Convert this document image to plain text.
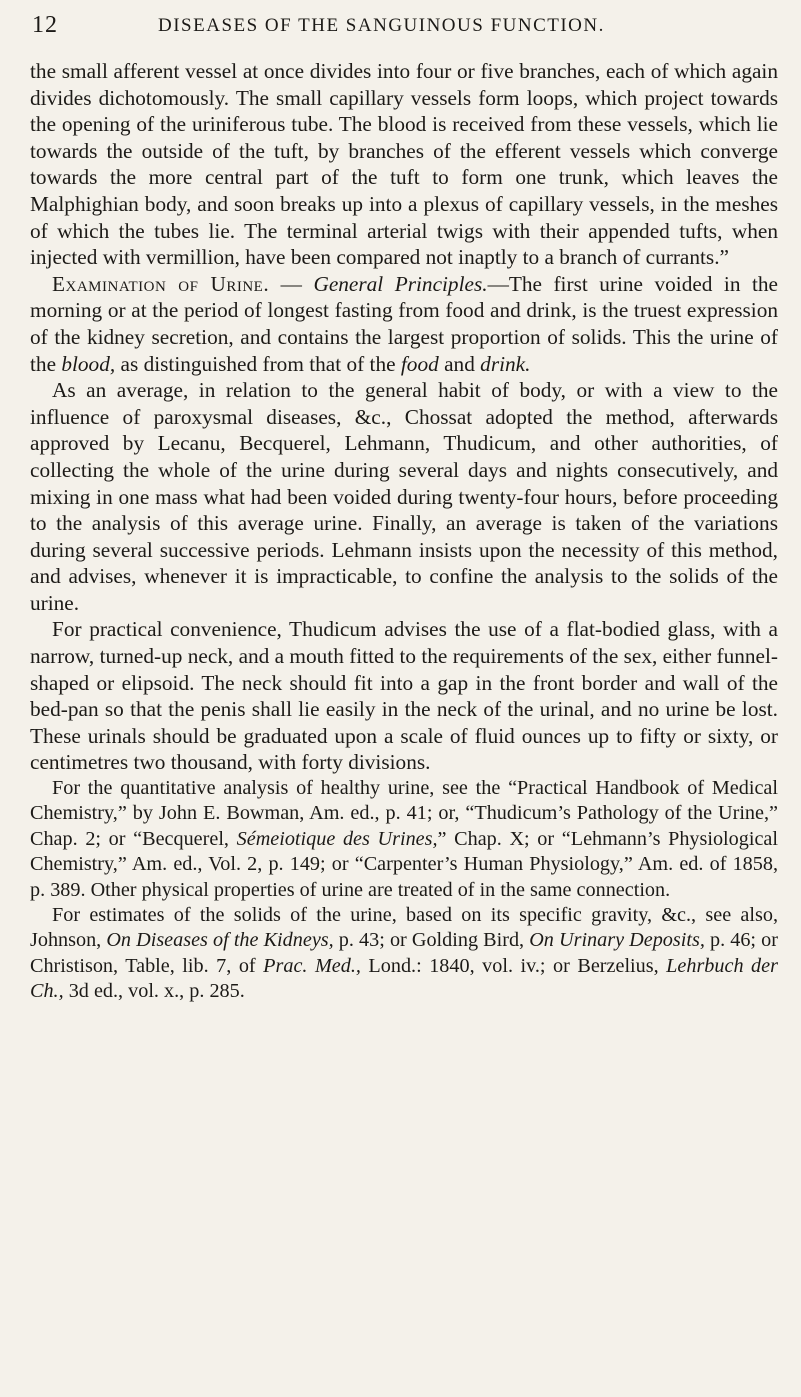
12	DISEASES OF THE SANGUINOUS FUNCTION.

the small afferent vessel at once divides into four or five branches, each of which again divides dichotomously. The small capillary vessels form loops, which project towards the opening of the uriniferous tube. The blood is received from these vessels, which lie towards the outside of the tuft, by branches of the efferent vessels which converge towards the more central part of the tuft to form one trunk, which leaves the Malphighian body, and soon breaks up into a plexus of capillary vessels, in the meshes of which the tubes lie. The terminal arterial twigs with their appended tufts, when injected with vermillion, have been compared not inaptly to a branch of currants.”

Examination of Urine. — General Principles.—The first urine voided in the morning or at the period of longest fasting from food and drink, is the truest expression of the kidney secretion, and contains the largest proportion of solids. This the urine of the blood, as distinguished from that of the food and drink.

As an average, in relation to the general habit of body, or with a view to the influence of paroxysmal diseases, &c., Chossat adopted the method, afterwards approved by Lecanu, Becquerel, Lehmann, Thudicum, and other authorities, of collecting the whole of the urine during several days and nights consecutively, and mixing in one mass what had been voided during twenty-four hours, before proceeding to the analysis of this average urine. Finally, an average is taken of the variations during several successive periods. Lehmann insists upon the necessity of this method, and advises, whenever it is impracticable, to confine the analysis to the solids of the urine.

For practical convenience, Thudicum advises the use of a flat-bodied glass, with a narrow, turned-up neck, and a mouth fitted to the requirements of the sex, either funnel-shaped or elipsoid. The neck should fit into a gap in the front border and wall of the bed-pan so that the penis shall lie easily in the neck of the urinal, and no urine be lost. These urinals should be graduated upon a scale of fluid ounces up to fifty or sixty, or centimetres two thousand, with forty divisions.

For the quantitative analysis of healthy urine, see the “Practical Handbook of Medical Chemistry,” by John E. Bowman, Am. ed., p. 41; or, “Thudicum’s Pathology of the Urine,” Chap. 2; or “Becquerel, Sémeiotique des Urines,” Chap. X; or “Lehmann’s Physiological Chemistry,” Am. ed., Vol. 2, p. 149; or “Carpenter’s Human Physiology,” Am. ed. of 1858, p. 389. Other physical properties of urine are treated of in the same connection.

For estimates of the solids of the urine, based on its specific gravity, &c., see also, Johnson, On Diseases of the Kidneys, p. 43; or Golding Bird, On Urinary Deposits, p. 46; or Christison, Table, lib. 7, of Prac. Med., Lond.: 1840, vol. iv.; or Berzelius, Lehrbuch der Ch., 3d ed., vol. x., p. 285.
